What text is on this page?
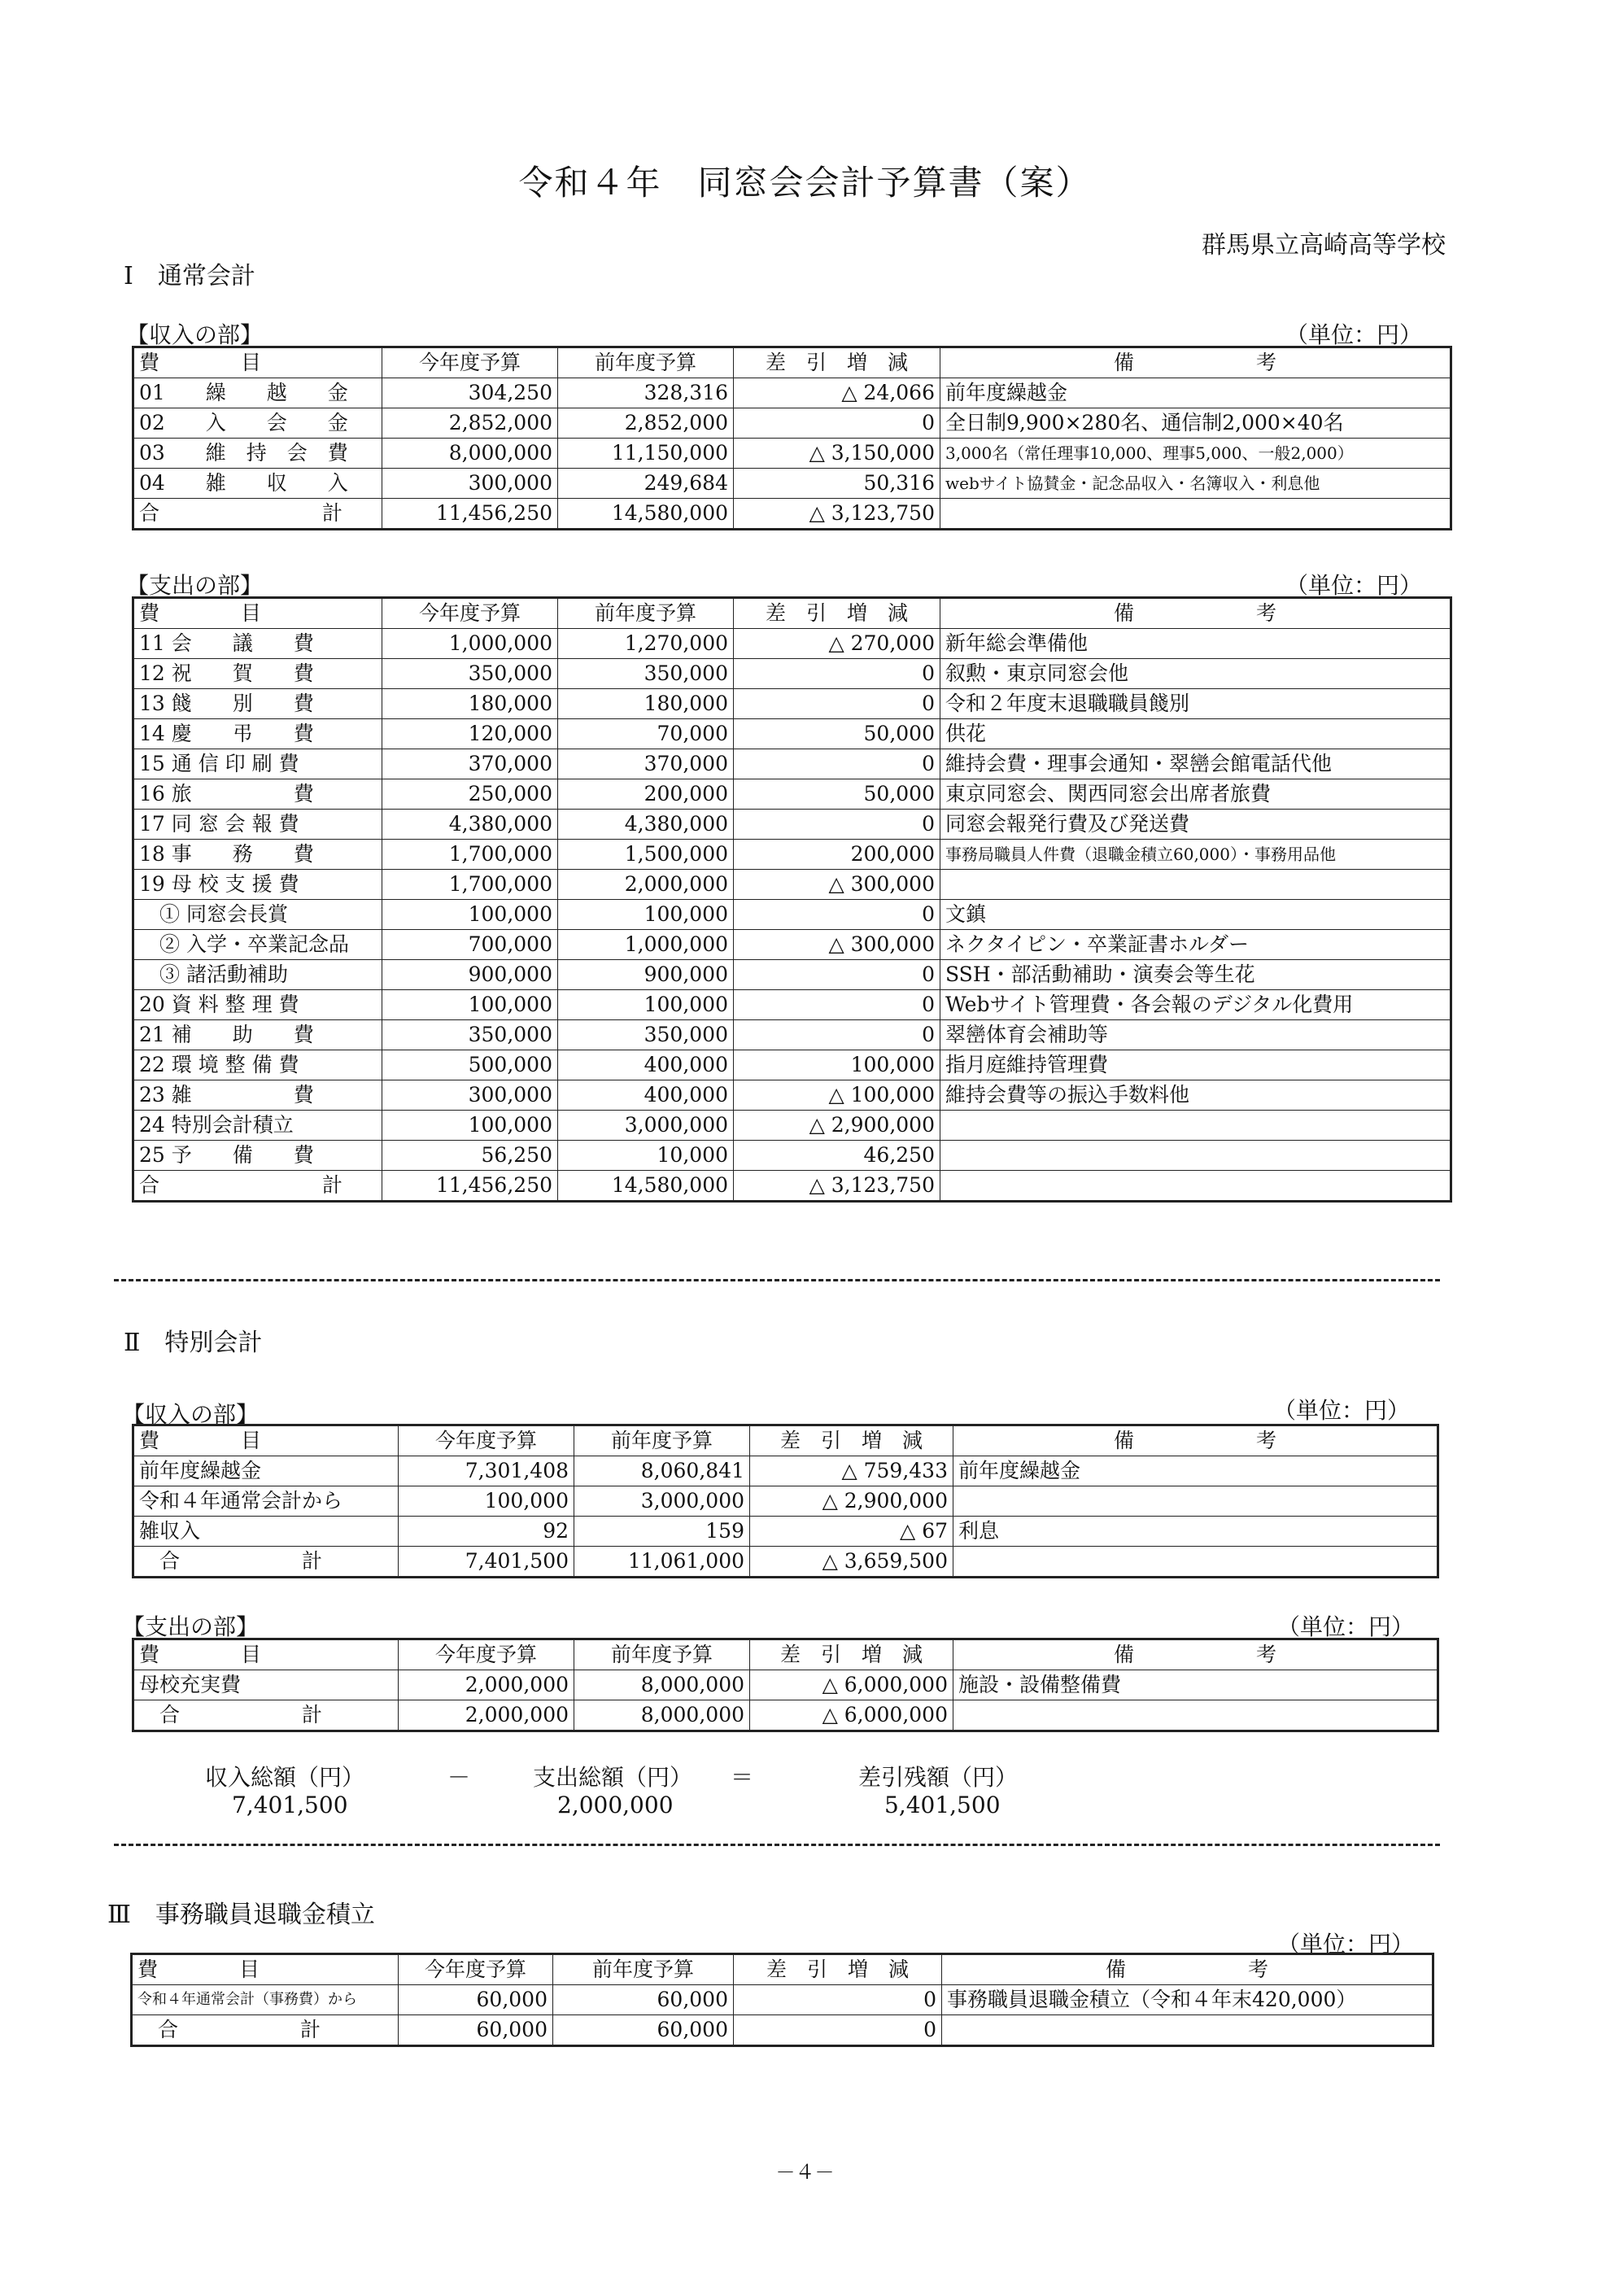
令和４年　同窓会会計予算書（案）
群馬県立高崎高等学校
Ⅰ　通常会計
【収入の部】	（単位：円）
費　　　　目	今年度予算	前年度予算	差　引　増　減	備　　　　　　考
01　　繰　　越　　金	304,250	328,316	△ 24,066	前年度繰越金
02　　入　　会　　金	2,852,000	2,852,000	0	全日制9,900×280名、通信制2,000×40名
03　　維　持　会　費	8,000,000	11,150,000	△ 3,150,000	3,000名（常任理事10,000、理事5,000、一般2,000）
04　　雑　　収　　入	300,000	249,684	50,316	webサイト協賛金・記念品収入・名簿収入・利息他
合　　　　　　　　計	11,456,250	14,580,000	△ 3,123,750	
【支出の部】	（単位：円）
費　　　　目	今年度予算	前年度予算	差　引　増　減	備　　　　　　考
11 会　　議　　費	1,000,000	1,270,000	△ 270,000	新年総会準備他
12 祝　　賀　　費	350,000	350,000	0	叙勲・東京同窓会他
13 餞　　別　　費	180,000	180,000	0	令和２年度末退職職員餞別
14 慶　　弔　　費	120,000	70,000	50,000	供花
15 通 信 印 刷 費	370,000	370,000	0	維持会費・理事会通知・翠巒会館電話代他
16 旅　　　　　費	250,000	200,000	50,000	東京同窓会、関西同窓会出席者旅費
17 同 窓 会 報 費	4,380,000	4,380,000	0	同窓会報発行費及び発送費
18 事　　務　　費	1,700,000	1,500,000	200,000	事務局職員人件費（退職金積立60,000）・事務用品他
19 母 校 支 援 費	1,700,000	2,000,000	△ 300,000	
　① 同窓会長賞	100,000	100,000	0	文鎮
　② 入学・卒業記念品	700,000	1,000,000	△ 300,000	ネクタイピン・卒業証書ホルダー
　③ 諸活動補助	900,000	900,000	0	SSH・部活動補助・演奏会等生花
20 資 料 整 理 費	100,000	100,000	0	Webサイト管理費・各会報のデジタル化費用
21 補　　助　　費	350,000	350,000	0	翠巒体育会補助等
22 環 境 整 備 費	500,000	400,000	100,000	指月庭維持管理費
23 雑　　　　　費	300,000	400,000	△ 100,000	維持会費等の振込手数料他
24 特別会計積立	100,000	3,000,000	△ 2,900,000	
25 予　　備　　費	56,250	10,000	46,250	
合　　　　　　　　計	11,456,250	14,580,000	△ 3,123,750	
Ⅱ　特別会計
【収入の部】	（単位：円）
費　　　　目	今年度予算	前年度予算	差　引　増　減	備　　　　　　考
前年度繰越金	7,301,408	8,060,841	△ 759,433	前年度繰越金
令和４年通常会計から	100,000	3,000,000	△ 2,900,000	
雑収入	92	159	△ 67	利息
　合　　　　　　計	7,401,500	11,061,000	△ 3,659,500	
【支出の部】	（単位：円）
費　　　　目	今年度予算	前年度予算	差　引　増　減	備　　　　　　考
母校充実費	2,000,000	8,000,000	△ 6,000,000	施設・設備整備費
　合　　　　　　計	2,000,000	8,000,000	△ 6,000,000	
収入総額（円）	－	支出総額（円） ＝	差引残額（円）
7,401,500	2,000,000	5,401,500
Ⅲ　事務職員退職金積立
（単位：円）
費　　　　目	今年度予算	前年度予算	差　引　増　減	備　　　　　　考
令和４年通常会計（事務費）から	60,000	60,000	0	事務職員退職金積立（令和４年末420,000）
　合　　　　　　計	60,000	60,000	0	
－４－
